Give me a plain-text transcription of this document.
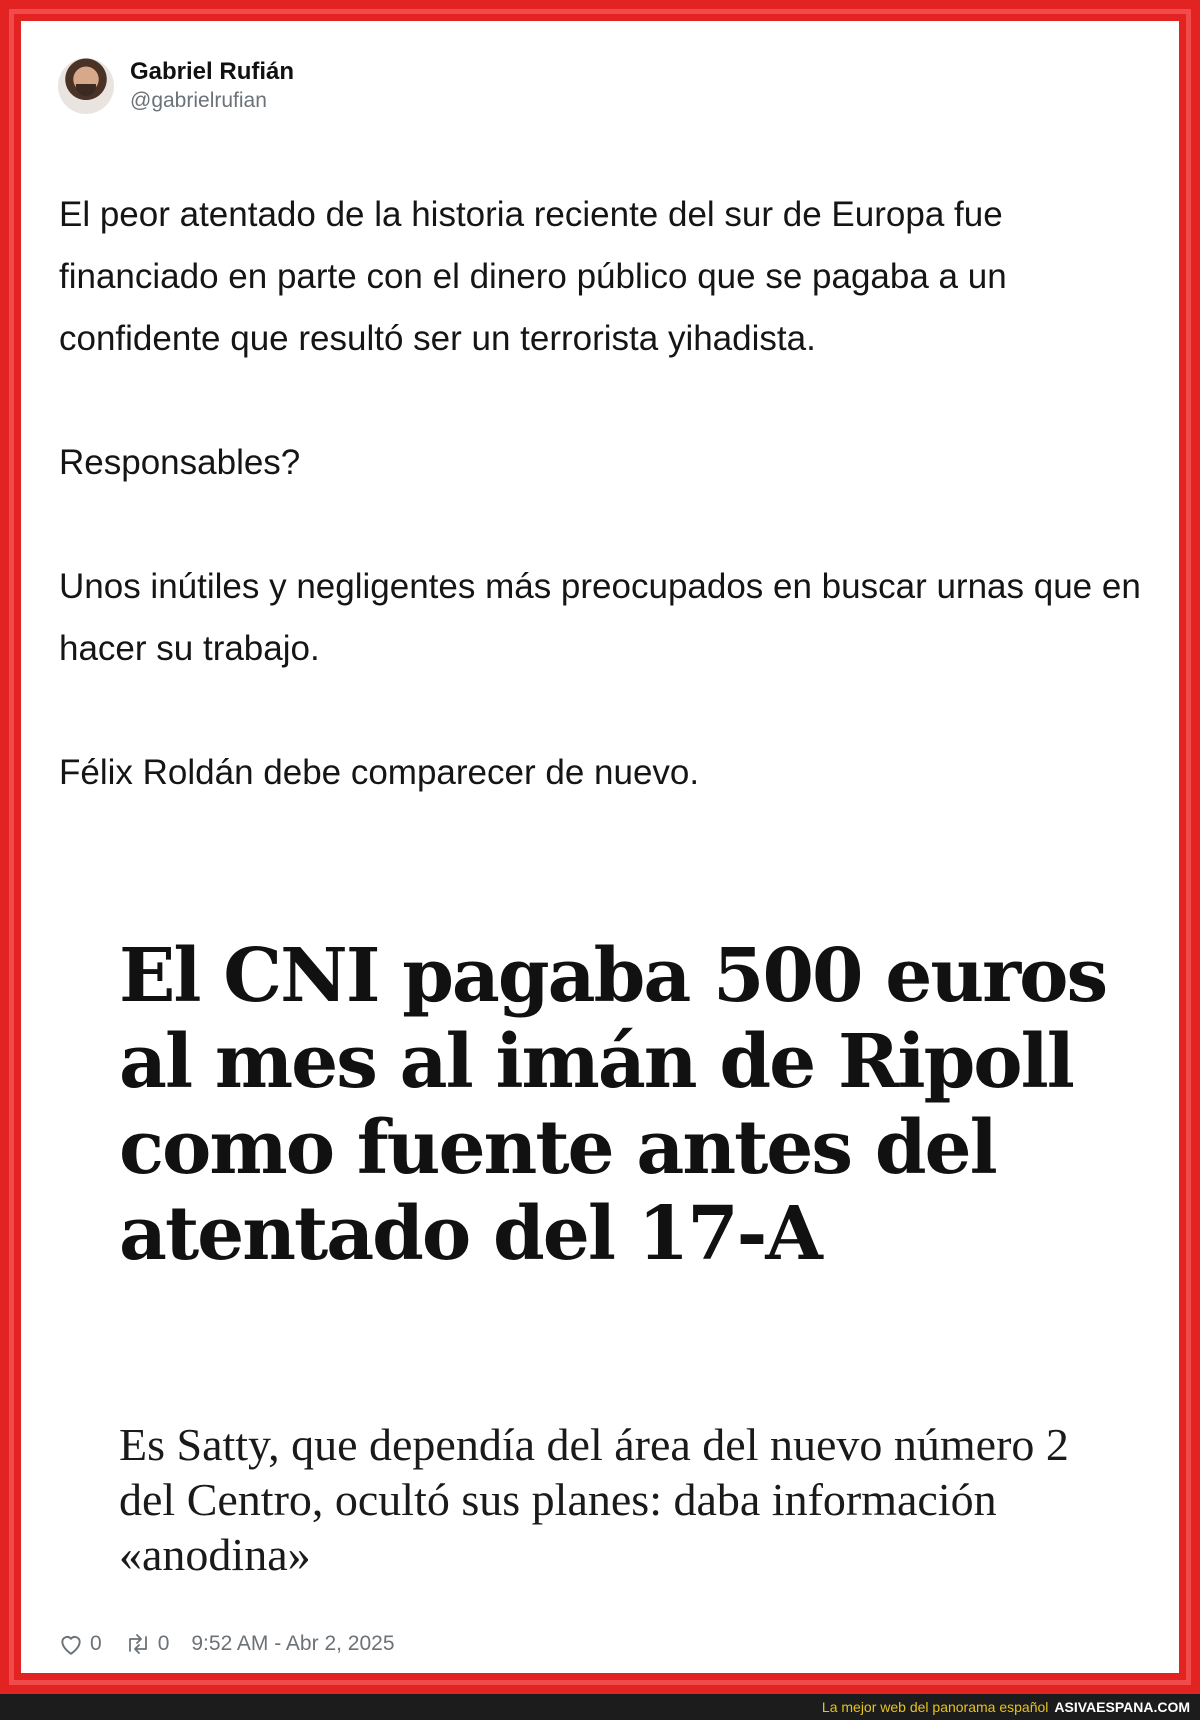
Gabriel Rufián
@gabrielrufian

El peor atentado de la historia reciente del sur de Europa fue financiado en parte con el dinero público que se pagaba a un confidente que resultó ser un terrorista yihadista.

Responsables?

Unos inútiles y negligentes más preocupados en buscar urnas que en hacer su trabajo.

Félix Roldán debe comparecer de nuevo.

El CNI pagaba 500 euros al mes al imán de Ripoll como fuente antes del atentado del 17-A
Es Satty, que dependía del área del nuevo número 2 del Centro, ocultó sus planes: daba información «anodina»
0	0 9:52 AM - Abr 2, 2025
La mejor web del panorama español ASIVAESPANA.COM
